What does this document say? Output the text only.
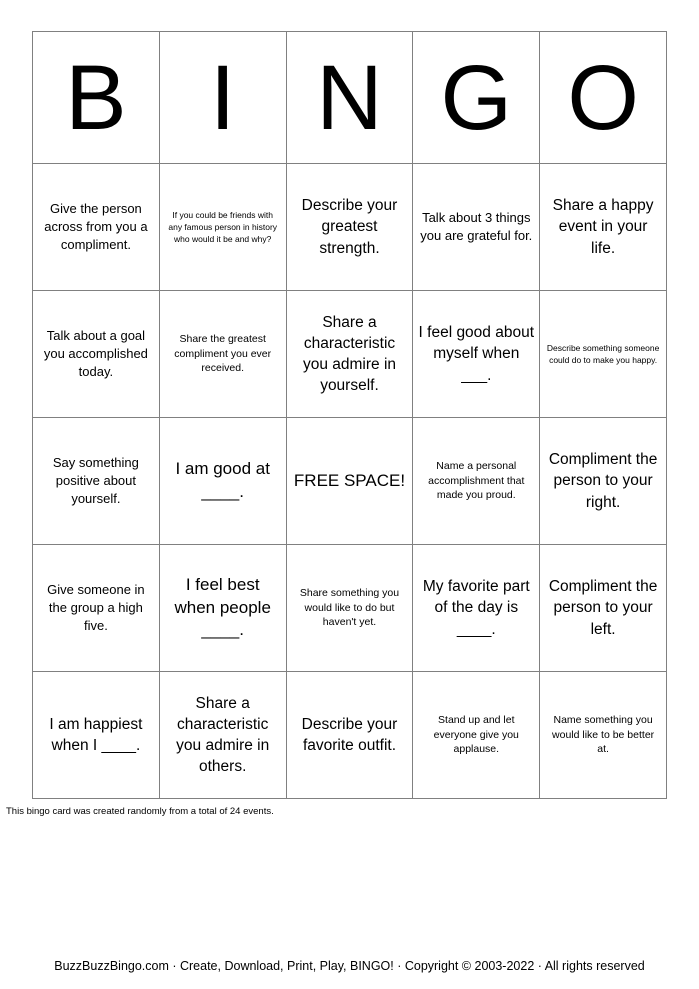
B	I	N	G	O

Give the person across from you a compliment.	If you could be friends with any famous person in history who would it be and why?	Describe your greatest strength.	Talk about 3 things you are grateful for.	Share a happy event in your life.

Talk about a goal you accomplished today.	Share the greatest compliment you ever received.	Share a characteristic you admire in yourself.	I feel good about myself when ___.	Describe something someone could do to make you happy.

Say something positive about yourself.	I am good at ____.	FREE SPACE!	Name a personal accomplishment that made you proud.	Compliment the person to your right.

Give someone in the group a high five.	I feel best when people ____.	Share something you would like to do but haven't yet.	My favorite part of the day is ____.	Compliment the person to your left.

I am happiest when I ____.	Share a characteristic you admire in others.	Describe your favorite outfit.	Stand up and let everyone give you applause.	Name something you would like to be better at.
This bingo card was created randomly from a total of 24 events.
BuzzBuzzBingo.com · Create, Download, Print, Play, BINGO! · Copyright © 2003-2022 · All rights reserved
